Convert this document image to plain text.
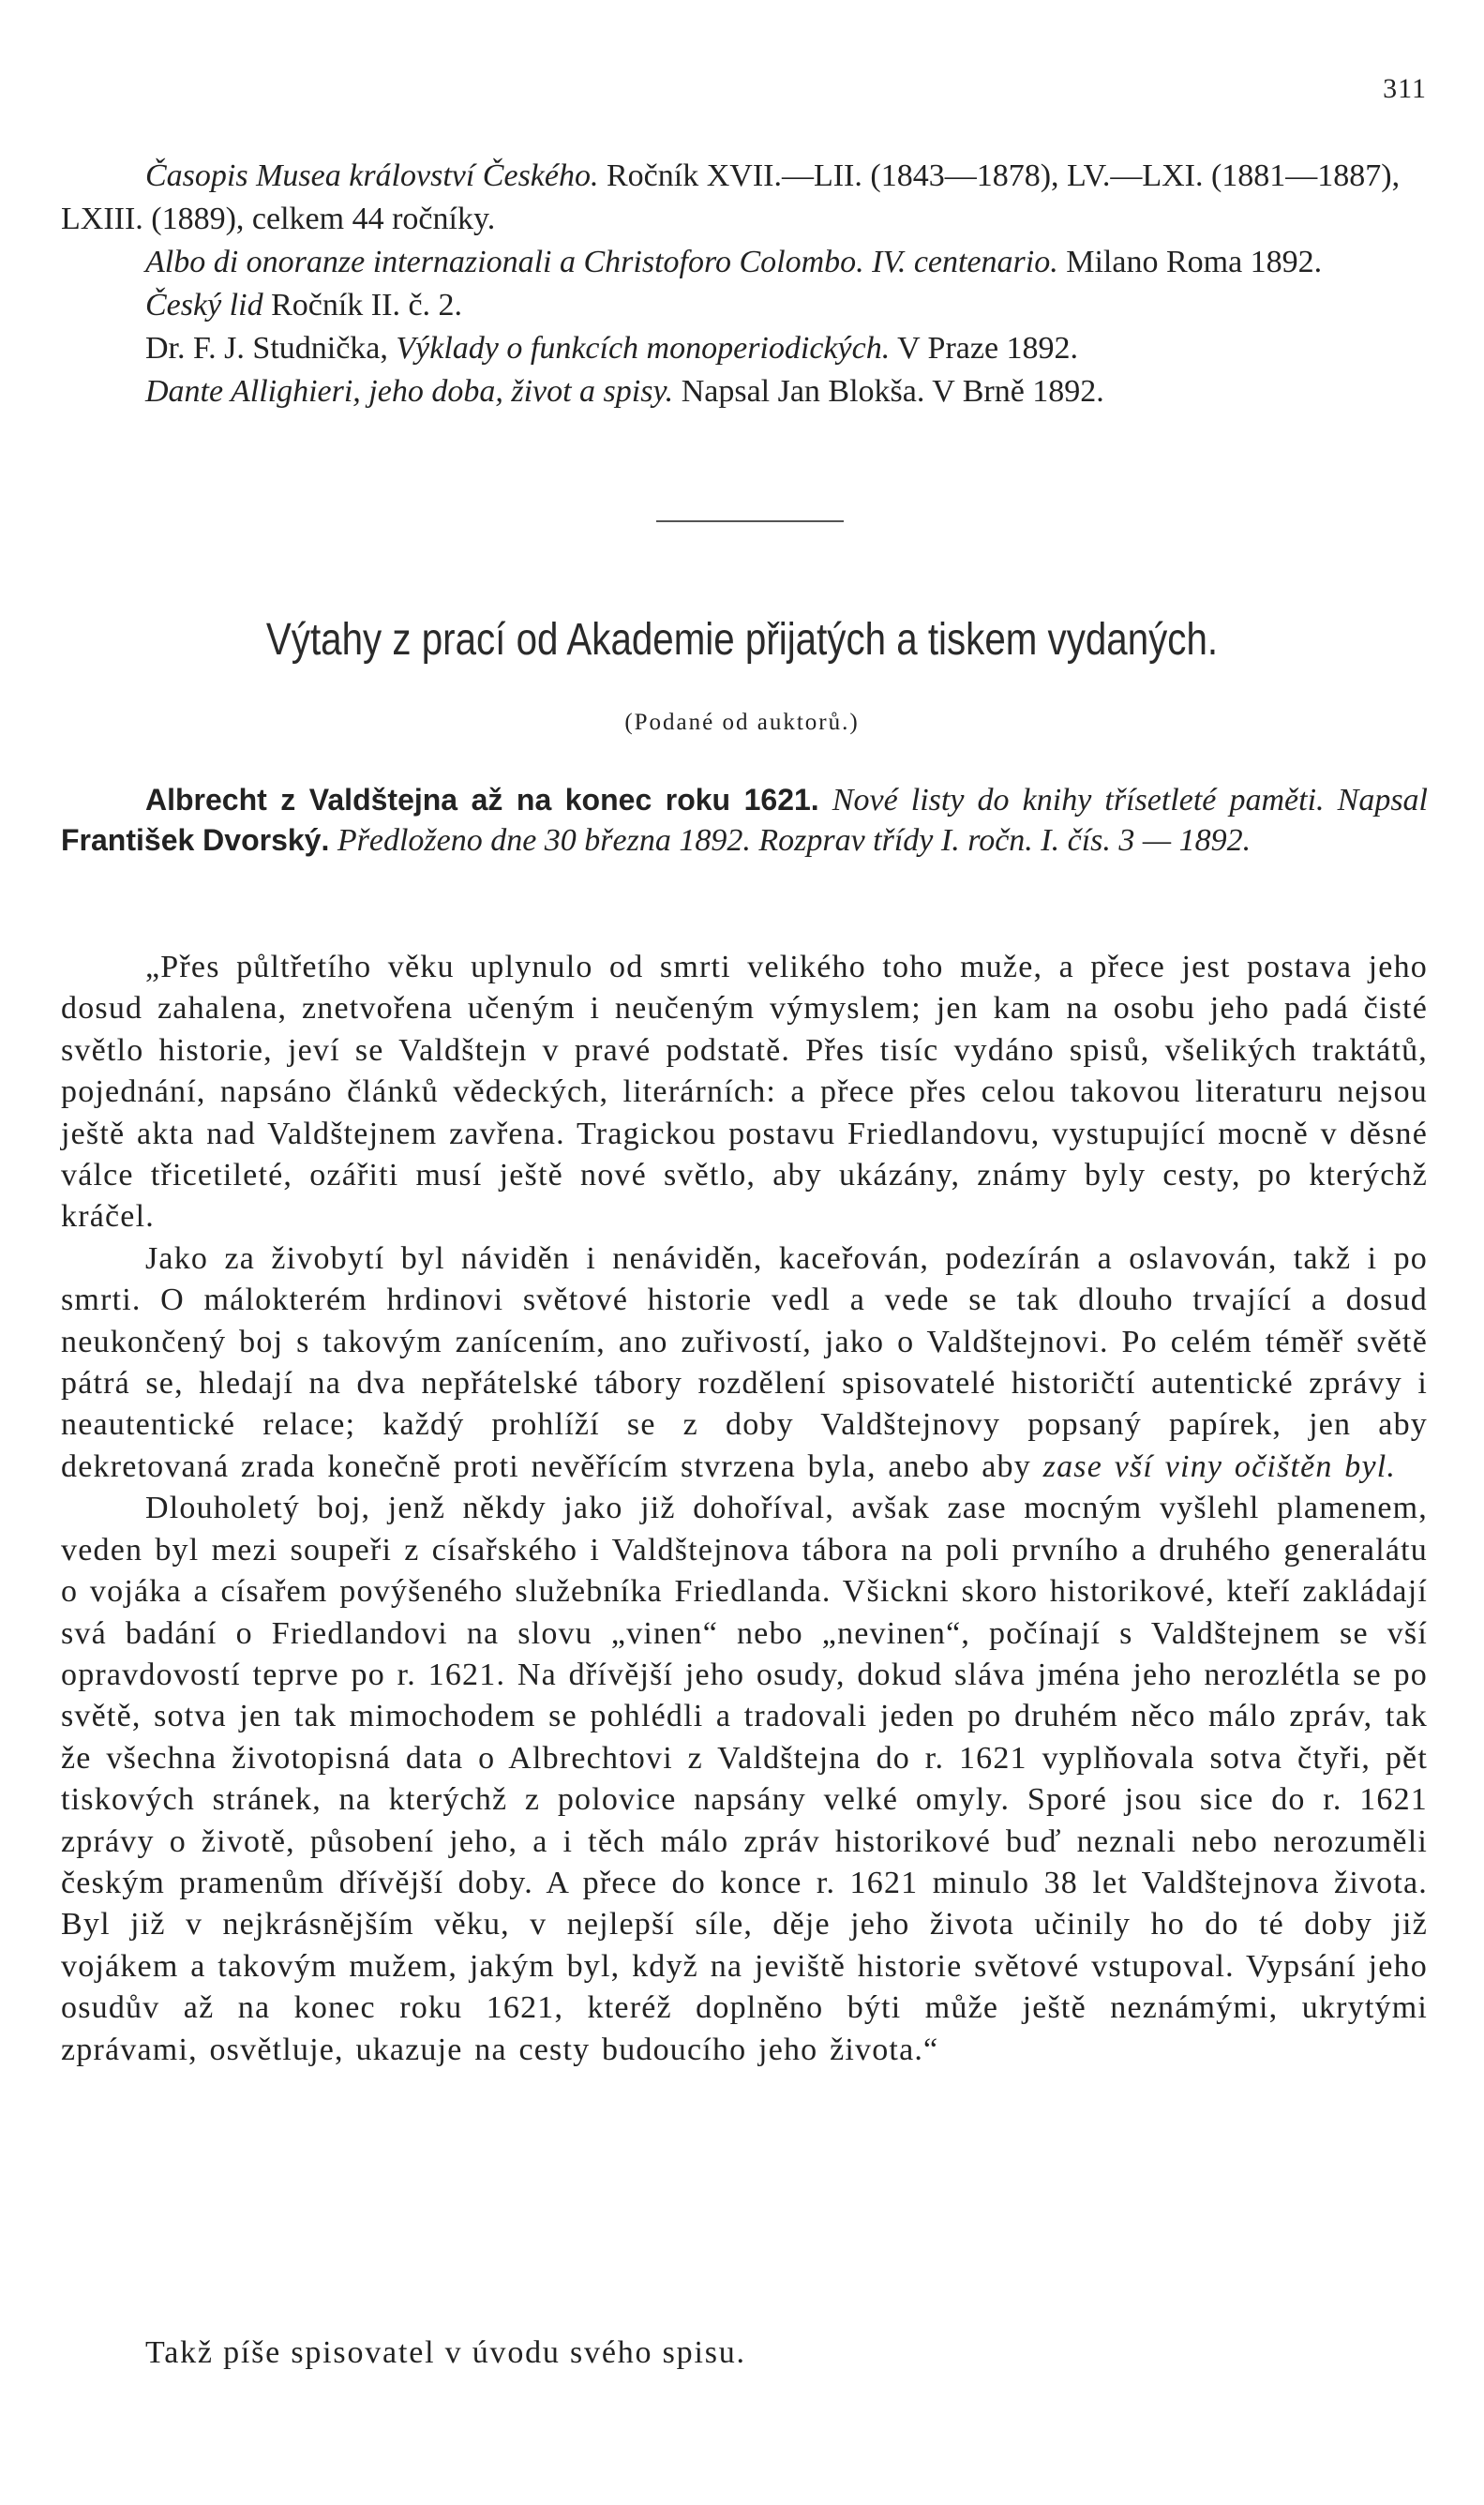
311
Časopis Musea království Českého. Ročník XVII.—LII. (1843—1878), LV.—LXI. (1881—1887), LXIII. (1889), celkem 44 ročníky.
Albo di onoranze internazionali a Christoforo Colombo. IV. centenario. Milano Roma 1892.
Český lid Ročník II. č. 2.
Dr. F. J. Studnička, Výklady o funkcích monoperiodických. V Praze 1892.
Dante Allighieri, jeho doba, život a spisy. Napsal Jan Blokša. V Brně 1892.
Výtahy z prací od Akademie přijatých a tiskem vydaných.
(Podané od auktorů.)
Albrecht z Valdštejna až na konec roku 1621. Nové listy do knihy třísetleté paměti. Napsal František Dvorský. Předloženo dne 30 března 1892. Rozprav třídy I. ročn. I. čís. 3 — 1892.

„Přes půltřetího věku uplynulo od smrti velikého toho muže, a přece jest postava jeho dosud zahalena, znetvořena učeným i neučeným výmyslem; jen kam na osobu jeho padá čisté světlo historie, jeví se Valdštejn v pravé podstatě. Přes tisíc vydáno spisů, všelikých traktátů, pojednání, napsáno článků vědeckých, literárních: a přece přes celou takovou literaturu nejsou ještě akta nad Valdštejnem zavřena. Tragickou postavu Friedlandovu, vystupující mocně v děsné válce třicetileté, ozářiti musí ještě nové světlo, aby ukázány, známy byly cesty, po kterýchž kráčel.

Jako za živobytí byl náviděn i nenáviděn, kaceřován, podezírán a oslavován, takž i po smrti. O málokterém hrdinovi světové historie vedl a vede se tak dlouho trvající a dosud neukončený boj s takovým zanícením, ano zuřivostí, jako o Valdštejnovi. Po celém téměř světě pátrá se, hledají na dva nepřátelské tábory rozdělení spisovatelé historičtí autentické zprávy i neautentické relace; každý prohlíží se z doby Valdštejnovy popsaný papírek, jen aby dekretovaná zrada konečně proti nevěřícím stvrzena byla, anebo aby zase vší viny očištěn byl.

Dlouholetý boj, jenž někdy jako již dohoříval, avšak zase mocným vyšlehl plamenem, veden byl mezi soupeři z císařského i Valdštejnova tábora na poli prvního a druhého generalátu o vojáka a císařem povýšeného služebníka Friedlanda. Všickni skoro historikové, kteří zakládají svá badání o Friedlandovi na slovu „vinen“ nebo „nevinen“, počínají s Valdštejnem se vší opravdovostí teprve po r. 1621. Na dřívější jeho osudy, dokud sláva jména jeho nerozlétla se po světě, sotva jen tak mimochodem se pohlédli a tradovali jeden po druhém něco málo zpráv, tak že všechna životopisná data o Albrechtovi z Valdštejna do r. 1621 vyplňovala sotva čtyři, pět tiskových stránek, na kterýchž z polovice napsány velké omyly. Sporé jsou sice do r. 1621 zprávy o životě, působení jeho, a i těch málo zpráv historikové buď neznali nebo nerozuměli českým pramenům dřívější doby. A přece do konce r. 1621 minulo 38 let Valdštejnova života. Byl již v nejkrásnějším věku, v nejlepší síle, děje jeho života učinily ho do té doby již vojákem a takovým mužem, jakým byl, když na jeviště historie světové vstupoval. Vypsání jeho osudův až na konec roku 1621, kteréž doplněno býti může ještě neznámými, ukrytými zprávami, osvětluje, ukazuje na cesty budoucího jeho života.“

Takž píše spisovatel v úvodu svého spisu.
